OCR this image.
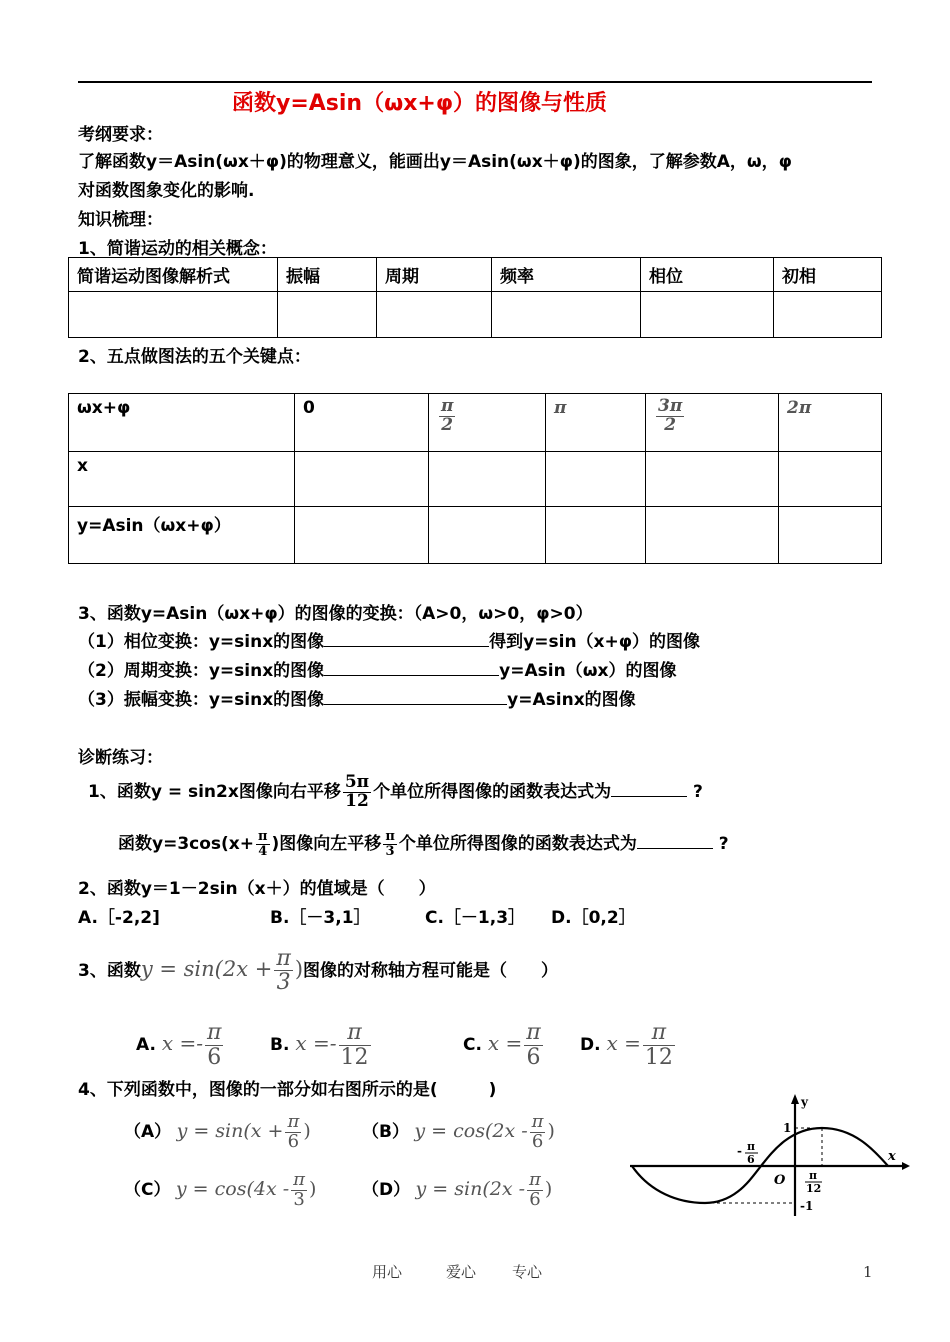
函数y=Asin（ωx+φ）的图像与性质
考纲要求：
了解函数y＝Asin(ωx＋φ)的物理意义，能画出y＝Asin(ωx＋φ)的图象，了解参数A，ω，φ
对函数图象变化的影响.
知识梳理：
1、简谐运动的相关概念：
简谐运动图像解析式	振幅	周期	频率	相位	初相

2、五点做图法的五个关键点：
ωx+φ	0	$\frac{\pi}{2}$	π	$\frac{3\pi}{2}$	2π
x					
y=Asin（ωx+φ）					
3、函数y=Asin（ωx+φ）的图像的变换：（A>0，ω>0，φ>0）
（1）相位变换：y=sinx的图像	得到y=sin（x+φ）的图像
（2）周期变换：y=sinx的图像	y=Asin（ωx）的图像
（3）振幅变换：y=sinx的图像	y=Asinx的图像
诊断练习：
1、函数y = sin2x图像向右平移 $\frac{5\pi}{12}$ 个单位所得图像的函数表达式为	?
函数$y=3\cos(x+ \frac{\pi}{4}$ )图像向左平移 $\frac{\pi}{3}$ 个单位所得图像的函数表达式为	?
2、函数y＝1－2sin（x＋）的值域是（　　）
A.［-2,2]	B.［－3,1］	C.［－1,3］ D.［0,2］
3、函数$y = \sin(2x + \frac{\pi}{3}$ )图像的对称轴方程可能是（　　）
A. $x =- \frac{\pi}{6}$	B. $x =- \frac{\pi}{12}$	C. $x = \frac{\pi}{6} D$. $x = \frac{\pi}{12}$
4、下列函数中，图像的一部分如右图所示的是(　　　)
（A） $y = \sin(x + \frac{\pi}{6}$ )	（B） $y = \cos(2x - \frac{\pi}{6}$ )
（C） $y = \cos(4x - \frac{\pi}{3}$ )	（D） $y = \sin(2x - \frac{\pi}{6}$ )
y
x
O
1
-1
- π
6
π
12
用心	爱心 专心	1
